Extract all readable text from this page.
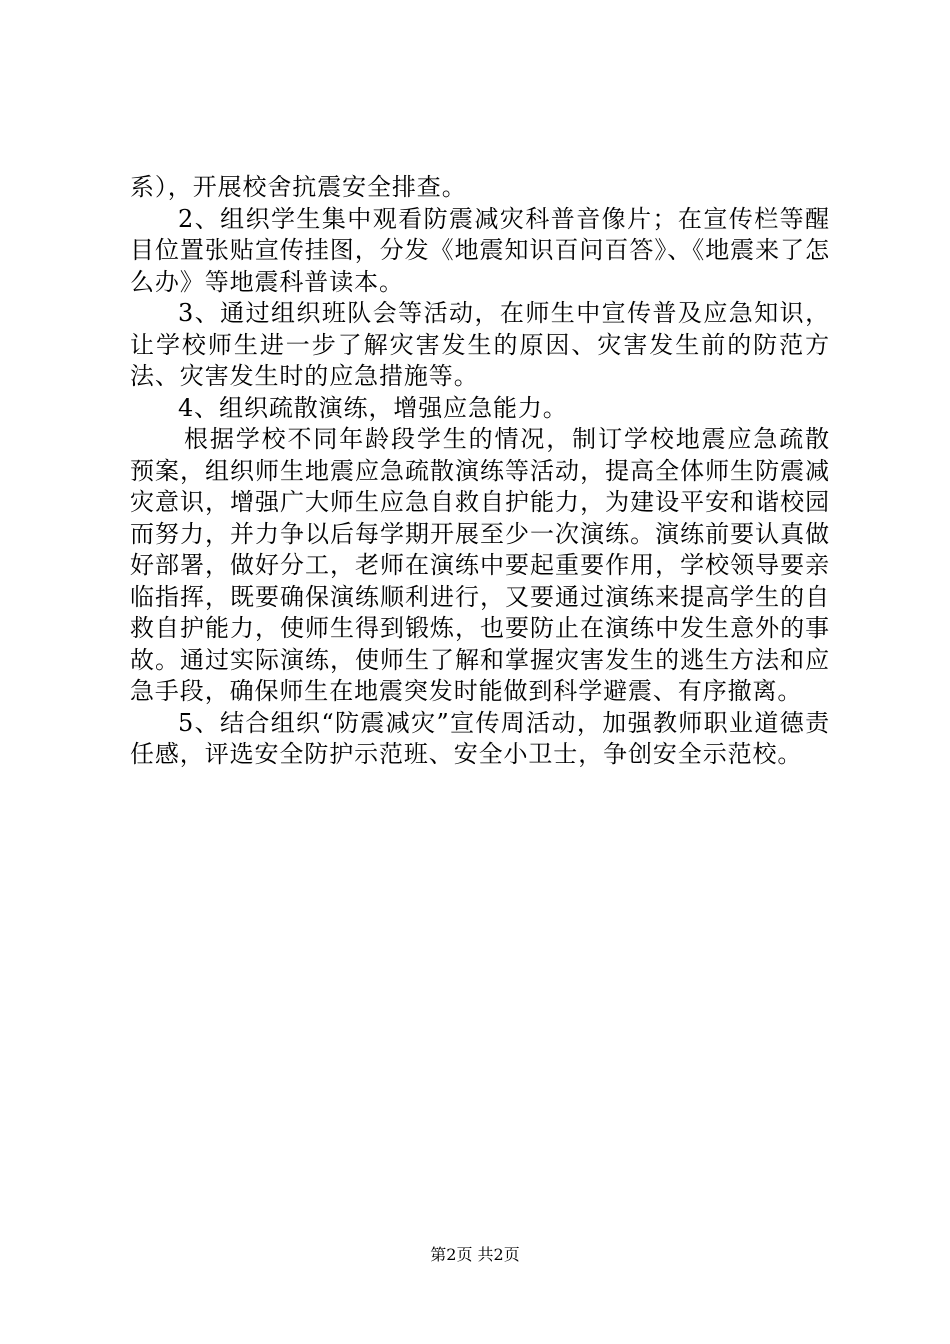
系），开展校舍抗震安全排查。

2、组织学生集中观看防震减灾科普音像片；在宣传栏等醒目位置张贴宣传挂图，分发《地震知识百问百答》、《地震来了怎么办》等地震科普读本。

3、通过组织班队会等活动，在师生中宣传普及应急知识，让学校师生进一步了解灾害发生的原因、灾害发生前的防范方法、灾害发生时的应急措施等。

4、组织疏散演练，增强应急能力。

根据学校不同年龄段学生的情况，制订学校地震应急疏散预案，组织师生地震应急疏散演练等活动，提高全体师生防震减灾意识，增强广大师生应急自救自护能力，为建设平安和谐校园而努力，并力争以后每学期开展至少一次演练。演练前要认真做好部署，做好分工，老师在演练中要起重要作用，学校领导要亲临指挥，既要确保演练顺利进行，又要通过演练来提高学生的自救自护能力，使师生得到锻炼，也要防止在演练中发生意外的事故。通过实际演练，使师生了解和掌握灾害发生的逃生方法和应急手段，确保师生在地震突发时能做到科学避震、有序撤离。

5、结合组织“防震减灾”宣传周活动，加强教师职业道德责任感，评选安全防护示范班、安全小卫士，争创安全示范校。

第2页 共2页
